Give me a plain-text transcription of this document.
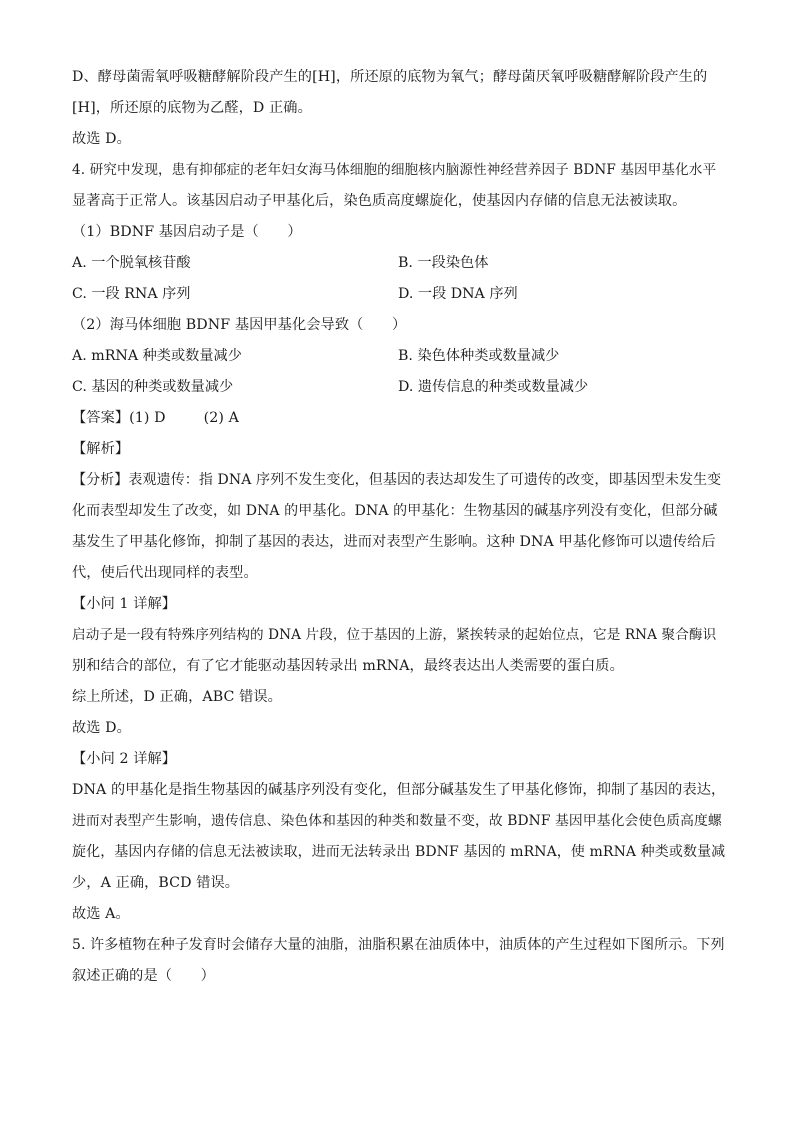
D、酵母菌需氧呼吸糖酵解阶段产生的[H]，所还原的底物为氧气；酵母菌厌氧呼吸糖酵解阶段产生的
[H]，所还原的底物为乙醛，D 正确。
故选 D。
4. 研究中发现，患有抑郁症的老年妇女海马体细胞的细胞核内脑源性神经营养因子 BDNF 基因甲基化水平
显著高于正常人。该基因启动子甲基化后，染色质高度螺旋化，使基因内存储的信息无法被读取。
（1）BDNF 基因启动子是（　　）
A. 一个脱氧核苷酸	B. 一段染色体
C. 一段 RNA 序列	D. 一段 DNA 序列
（2）海马体细胞 BDNF 基因甲基化会导致（　　）
A. mRNA 种类或数量减少	B. 染色体种类或数量减少
C. 基因的种类或数量减少	D. 遗传信息的种类或数量减少
【答案】(1) D	(2) A
【解析】
【分析】表观遗传：指 DNA 序列不发生变化，但基因的表达却发生了可遗传的改变，即基因型未发生变
化而表型却发生了改变，如 DNA 的甲基化。DNA 的甲基化：生物基因的碱基序列没有变化，但部分碱
基发生了甲基化修饰，抑制了基因的表达，进而对表型产生影响。这种 DNA 甲基化修饰可以遗传给后
代，使后代出现同样的表型。
【小问 1 详解】
启动子是一段有特殊序列结构的 DNA 片段，位于基因的上游，紧挨转录的起始位点，它是 RNA 聚合酶识
别和结合的部位，有了它才能驱动基因转录出 mRNA，最终表达出人类需要的蛋白质。
综上所述，D 正确，ABC 错误。
故选 D。
【小问 2 详解】
DNA 的甲基化是指生物基因的碱基序列没有变化，但部分碱基发生了甲基化修饰，抑制了基因的表达，
进而对表型产生影响，遗传信息、染色体和基因的种类和数量不变，故 BDNF 基因甲基化会使色质高度螺
旋化，基因内存储的信息无法被读取，进而无法转录出 BDNF 基因的 mRNA，使 mRNA 种类或数量减
少，A 正确，BCD 错误。
故选 A。
5. 许多植物在种子发育时会储存大量的油脂，油脂积累在油质体中，油质体的产生过程如下图所示。下列
叙述正确的是（　　）
